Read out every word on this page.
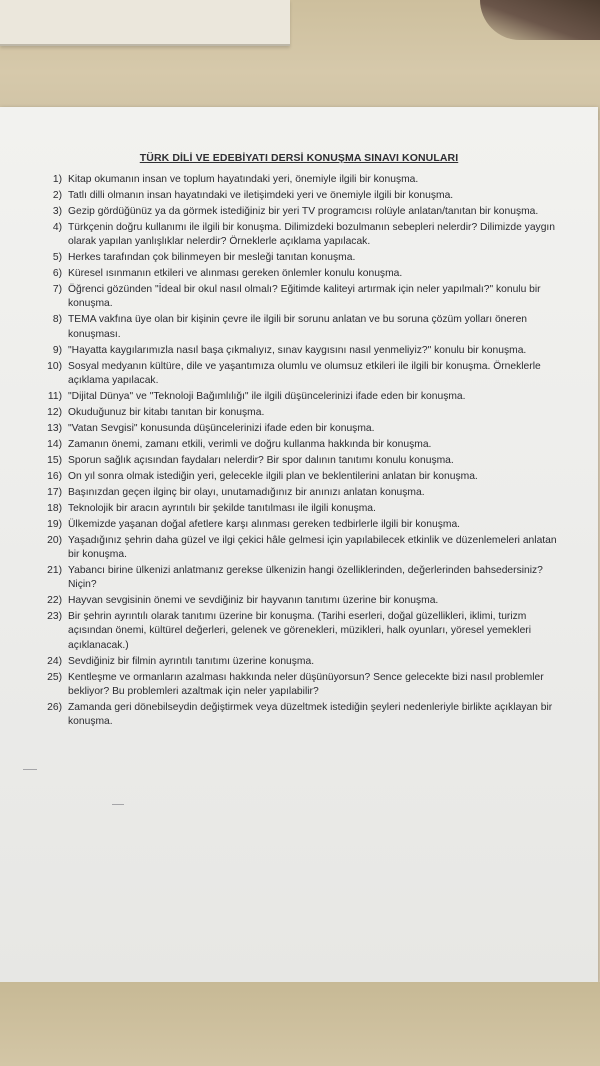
TÜRK DİLİ VE EDEBİYATI DERSİ KONUŞMA SINAVI KONULARI
1) Kitap okumanın insan ve toplum hayatındaki yeri, önemiyle ilgili bir konuşma.
2) Tatlı dilli olmanın insan hayatındaki ve iletişimdeki yeri ve önemiyle ilgili bir konuşma.
3) Gezip gördüğünüz ya da görmek istediğiniz bir yeri TV programcısı rolüyle anlatan/tanıtan bir konuşma.
4) Türkçenin doğru kullanımı ile ilgili bir konuşma. Dilimizdeki bozulmanın sebepleri nelerdir? Dilimizde yaygın olarak yapılan yanlışlıklar nelerdir? Örneklerle açıklama yapılacak.
5) Herkes tarafından çok bilinmeyen bir mesleği tanıtan konuşma.
6) Küresel ısınmanın etkileri ve alınması gereken önlemler konulu konuşma.
7) Öğrenci gözünden "İdeal bir okul nasıl olmalı? Eğitimde kaliteyi artırmak için neler yapılmalı?" konulu bir konuşma.
8) TEMA vakfına üye olan bir kişinin çevre ile ilgili bir sorunu anlatan ve bu soruna çözüm yolları öneren konuşması.
9) "Hayatta kaygılarımızla nasıl başa çıkmalıyız, sınav kaygısını nasıl yenmeliyiz?" konulu bir konuşma.
10) Sosyal medyanın kültüre, dile ve yaşantımıza olumlu ve olumsuz etkileri ile ilgili bir konuşma. Örneklerle açıklama yapılacak.
11) "Dijital Dünya" ve "Teknoloji Bağımlılığı" ile ilgili düşüncelerinizi ifade eden bir konuşma.
12) Okuduğunuz bir kitabı tanıtan bir konuşma.
13) "Vatan Sevgisi" konusunda düşüncelerinizi ifade eden bir konuşma.
14) Zamanın önemi, zamanı etkili, verimli ve doğru kullanma hakkında bir konuşma.
15) Sporun sağlık açısından faydaları nelerdir? Bir spor dalının tanıtımı konulu konuşma.
16) On yıl sonra olmak istediğin yeri, gelecekle ilgili plan ve beklentilerini anlatan bir konuşma.
17) Başınızdan geçen ilginç bir olayı, unutamadığınız bir anınızı anlatan konuşma.
18) Teknolojik bir aracın ayrıntılı bir şekilde tanıtılması ile ilgili konuşma.
19) Ülkemizde yaşanan doğal afetlere karşı alınması gereken tedbirlerle ilgili bir konuşma.
20) Yaşadığınız şehrin daha güzel ve ilgi çekici hâle gelmesi için yapılabilecek etkinlik ve düzenlemeleri anlatan bir konuşma.
21) Yabancı birine ülkenizi anlatmanız gerekse ülkenizin hangi özelliklerinden, değerlerinden bahsedersiniz? Niçin?
22) Hayvan sevgisinin önemi ve sevdiğiniz bir hayvanın tanıtımı üzerine bir konuşma.
23) Bir şehrin ayrıntılı olarak tanıtımı üzerine bir konuşma. (Tarihi eserleri, doğal güzellikleri, iklimi, turizm açısından önemi, kültürel değerleri, gelenek ve görenekleri, müzikleri, halk oyunları, yöresel yemekleri açıklanacak.)
24) Sevdiğiniz bir filmin ayrıntılı tanıtımı üzerine konuşma.
25) Kentleşme ve ormanların azalması hakkında neler düşünüyorsun? Sence gelecekte bizi nasıl problemler bekliyor? Bu problemleri azaltmak için neler yapılabilir?
26) Zamanda geri dönebilseydin değiştirmek veya düzeltmek istediğin şeyleri nedenleriyle birlikte açıklayan bir konuşma.
